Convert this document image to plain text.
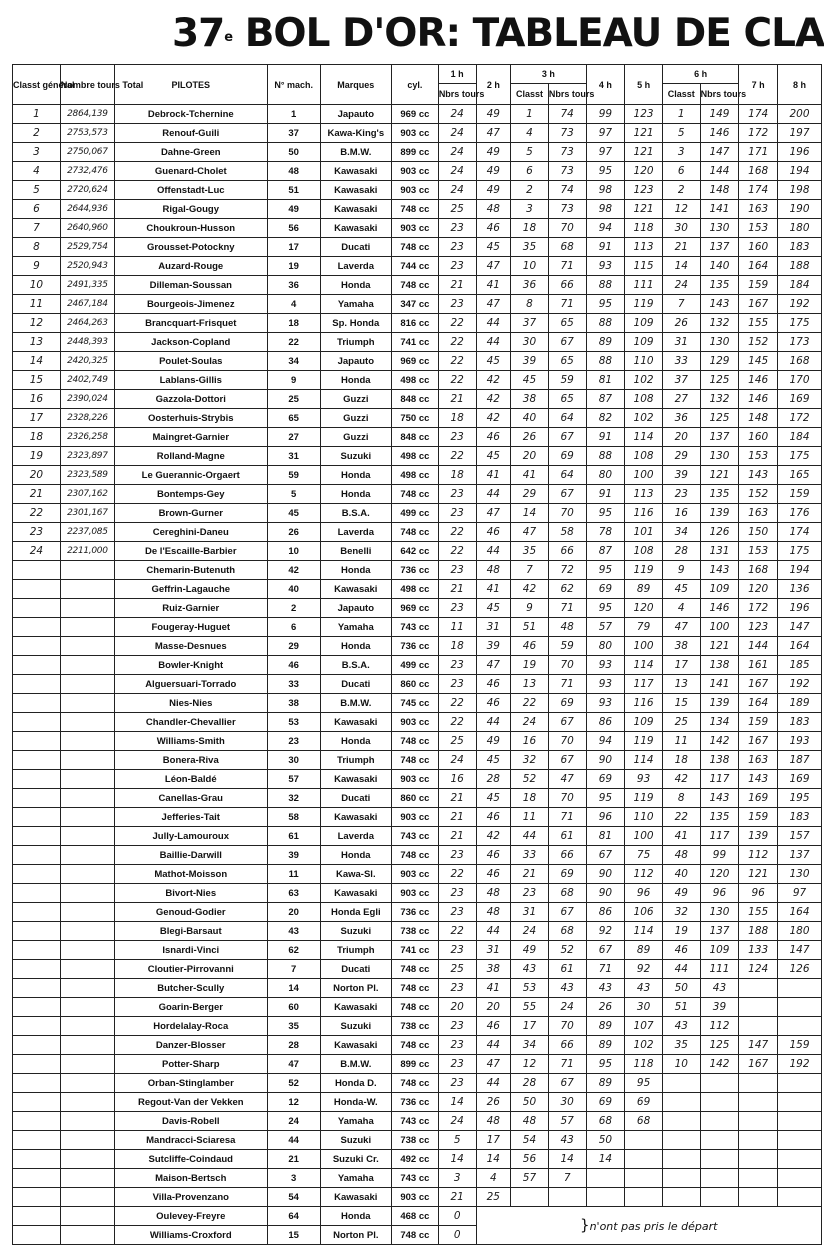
37e BOL D'OR: TABLEAU DE CLA
Classt général	Nombre tours Total	PILOTES	N° mach.	Marques	cyl.	1 h	2 h	3 h		4 h	5 h	6 h		7 h	8 h
						Nbrs tours		Classt	Nbrs tours			Classt	Nbrs tours		
1	2864,139	Debrock-Tchernine	1	Japauto	969 cc	24	49	1	74	99	123	1	149	174	200
2	2753,573	Renouf-Guili	37	Kawa-King's	903 cc	24	47	4	73	97	121	5	146	172	197
3	2750,067	Dahne-Green	50	B.M.W.	899 cc	24	49	5	73	97	121	3	147	171	196
4	2732,476	Guenard-Cholet	48	Kawasaki	903 cc	24	49	6	73	95	120	6	144	168	194
5	2720,624	Offenstadt-Luc	51	Kawasaki	903 cc	24	49	2	74	98	123	2	148	174	198
6	2644,936	Rigal-Gougy	49	Kawasaki	748 cc	25	48	3	73	98	121	12	141	163	190
7	2640,960	Choukroun-Husson	56	Kawasaki	903 cc	23	46	18	70	94	118	30	130	153	180
8	2529,754	Grousset-Potockny	17	Ducati	748 cc	23	45	35	68	91	113	21	137	160	183
9	2520,943	Auzard-Rouge	19	Laverda	744 cc	23	47	10	71	93	115	14	140	164	188
10	2491,335	Dilleman-Soussan	36	Honda	748 cc	21	41	36	66	88	111	24	135	159	184
11	2467,184	Bourgeois-Jimenez	4	Yamaha	347 cc	23	47	8	71	95	119	7	143	167	192
12	2464,263	Brancquart-Frisquet	18	Sp. Honda	816 cc	22	44	37	65	88	109	26	132	155	175
13	2448,393	Jackson-Copland	22	Triumph	741 cc	22	44	30	67	89	109	31	130	152	173
14	2420,325	Poulet-Soulas	34	Japauto	969 cc	22	45	39	65	88	110	33	129	145	168
15	2402,749	Lablans-Gillis	9	Honda	498 cc	22	42	45	59	81	102	37	125	146	170
16	2390,024	Gazzola-Dottori	25	Guzzi	848 cc	21	42	38	65	87	108	27	132	146	169
17	2328,226	Oosterhuis-Strybis	65	Guzzi	750 cc	18	42	40	64	82	102	36	125	148	172
18	2326,258	Maingret-Garnier	27	Guzzi	848 cc	23	46	26	67	91	114	20	137	160	184
19	2323,897	Rolland-Magne	31	Suzuki	498 cc	22	45	20	69	88	108	29	130	153	175
20	2323,589	Le Gueranniс-Orgaert	59	Honda	498 cc	18	41	41	64	80	100	39	121	143	165
21	2307,162	Bontemps-Gey	5	Honda	748 cc	23	44	29	67	91	113	23	135	152	159
22	2301,167	Brown-Gurner	45	B.S.A.	499 cc	23	47	14	70	95	116	16	139	163	176
23	2237,085	Cereghini-Daneu	26	Laverda	748 cc	22	46	47	58	78	101	34	126	150	174
24	2211,000	De l'Escaille-Barbier	10	Benelli	642 cc	22	44	35	66	87	108	28	131	153	175
		Chemarin-Butenuth	42	Honda	736 cc	23	48	7	72	95	119	9	143	168	194
		Geffrin-Lagauche	40	Kawasaki	498 cc	21	41	42	62	69	89	45	109	120	136
		Ruiz-Garnier	2	Japauto	969 cc	23	45	9	71	95	120	4	146	172	196
		Fougeray-Huguet	6	Yamaha	743 cc	11	31	51	48	57	79	47	100	123	147
		Masse-Desnues	29	Honda	736 cc	18	39	46	59	80	100	38	121	144	164
		Bowler-Knight	46	B.S.A.	499 cc	23	47	19	70	93	114	17	138	161	185
		Alguersuari-Torrado	33	Ducati	860 cc	23	46	13	71	93	117	13	141	167	192
		Nies-Nies	38	B.M.W.	745 cc	22	46	22	69	93	116	15	139	164	189
		Chandler-Chevallier	53	Kawasaki	903 cc	22	44	24	67	86	109	25	134	159	183
		Williams-Smith	23	Honda	748 cc	25	49	16	70	94	119	11	142	167	193
		Bonera-Riva	30	Triumph	748 cc	24	45	32	67	90	114	18	138	163	187
		Léon-Baldé	57	Kawasaki	903 cc	16	28	52	47	69	93	42	117	143	169
		Canellas-Grau	32	Ducati	860 cc	21	45	18	70	95	119	8	143	169	195
		Jefferies-Tait	58	Kawasaki	903 cc	21	46	11	71	96	110	22	135	159	183
		Jully-Lamouroux	61	Laverda	743 cc	21	42	44	61	81	100	41	117	139	157
		Baillie-Darwill	39	Honda	748 cc	23	46	33	66	67	75	48	99	112	137
		Mathot-Moisson	11	Kawa-Sl.	903 cc	22	46	21	69	90	112	40	120	121	130
		Bivort-Nies	63	Kawasaki	903 cc	23	48	23	68	90	96	49	96	96	97
		Genoud-Godier	20	Honda Egli	736 cc	23	48	31	67	86	106	32	130	155	164
		Blegi-Barsaut	43	Suzuki	738 cc	22	44	24	68	92	114	19	137	188	180
		Isnardi-Vinci	62	Triumph	741 cc	23	31	49	52	67	89	46	109	133	147
		Cloutier-Pirrovanni	7	Ducati	748 cc	25	38	43	61	71	92	44	111	124	126
		Butcher-Scully	14	Norton Pl.	748 cc	23	41	53	43	43	43	50	43		
		Goarin-Berger	60	Kawasaki	748 cc	20	20	55	24	26	30	51	39		
		Hordelalay-Roca	35	Suzuki	738 cc	23	46	17	70	89	107	43	112		
		Danzer-Blosser	28	Kawasaki	748 cc	23	44	34	66	89	102	35	125	147	159
		Potter-Sharp	47	B.M.W.	899 cc	23	47	12	71	95	118	10	142	167	192
		Orban-Stinglamber	52	Honda D.	748 cc	23	44	28	67	89	95				
		Regout-Van der Vekken	12	Honda-W.	736 cc	14	26	50	30	69	69				
		Davis-Robell	24	Yamaha	743 cc	24	48	48	57	68	68				
		Mandracci-Sciaresa	44	Suzuki	738 cc	5	17	54	43	50					
		Sutcliffe-Coindaud	21	Suzuki Cr.	492 cc	14	14	56	14	14					
		Maison-Bertsch	3	Yamaha	743 cc	3	4	57	7						
		Villa-Provenzano	54	Kawasaki	903 cc	21	25								
		Oulevey-Freyre	64	Honda	468 cc	0	}n'ont pas pris le départ								
		Williams-Croxford	15	Norton Pl.	748 cc	0									
